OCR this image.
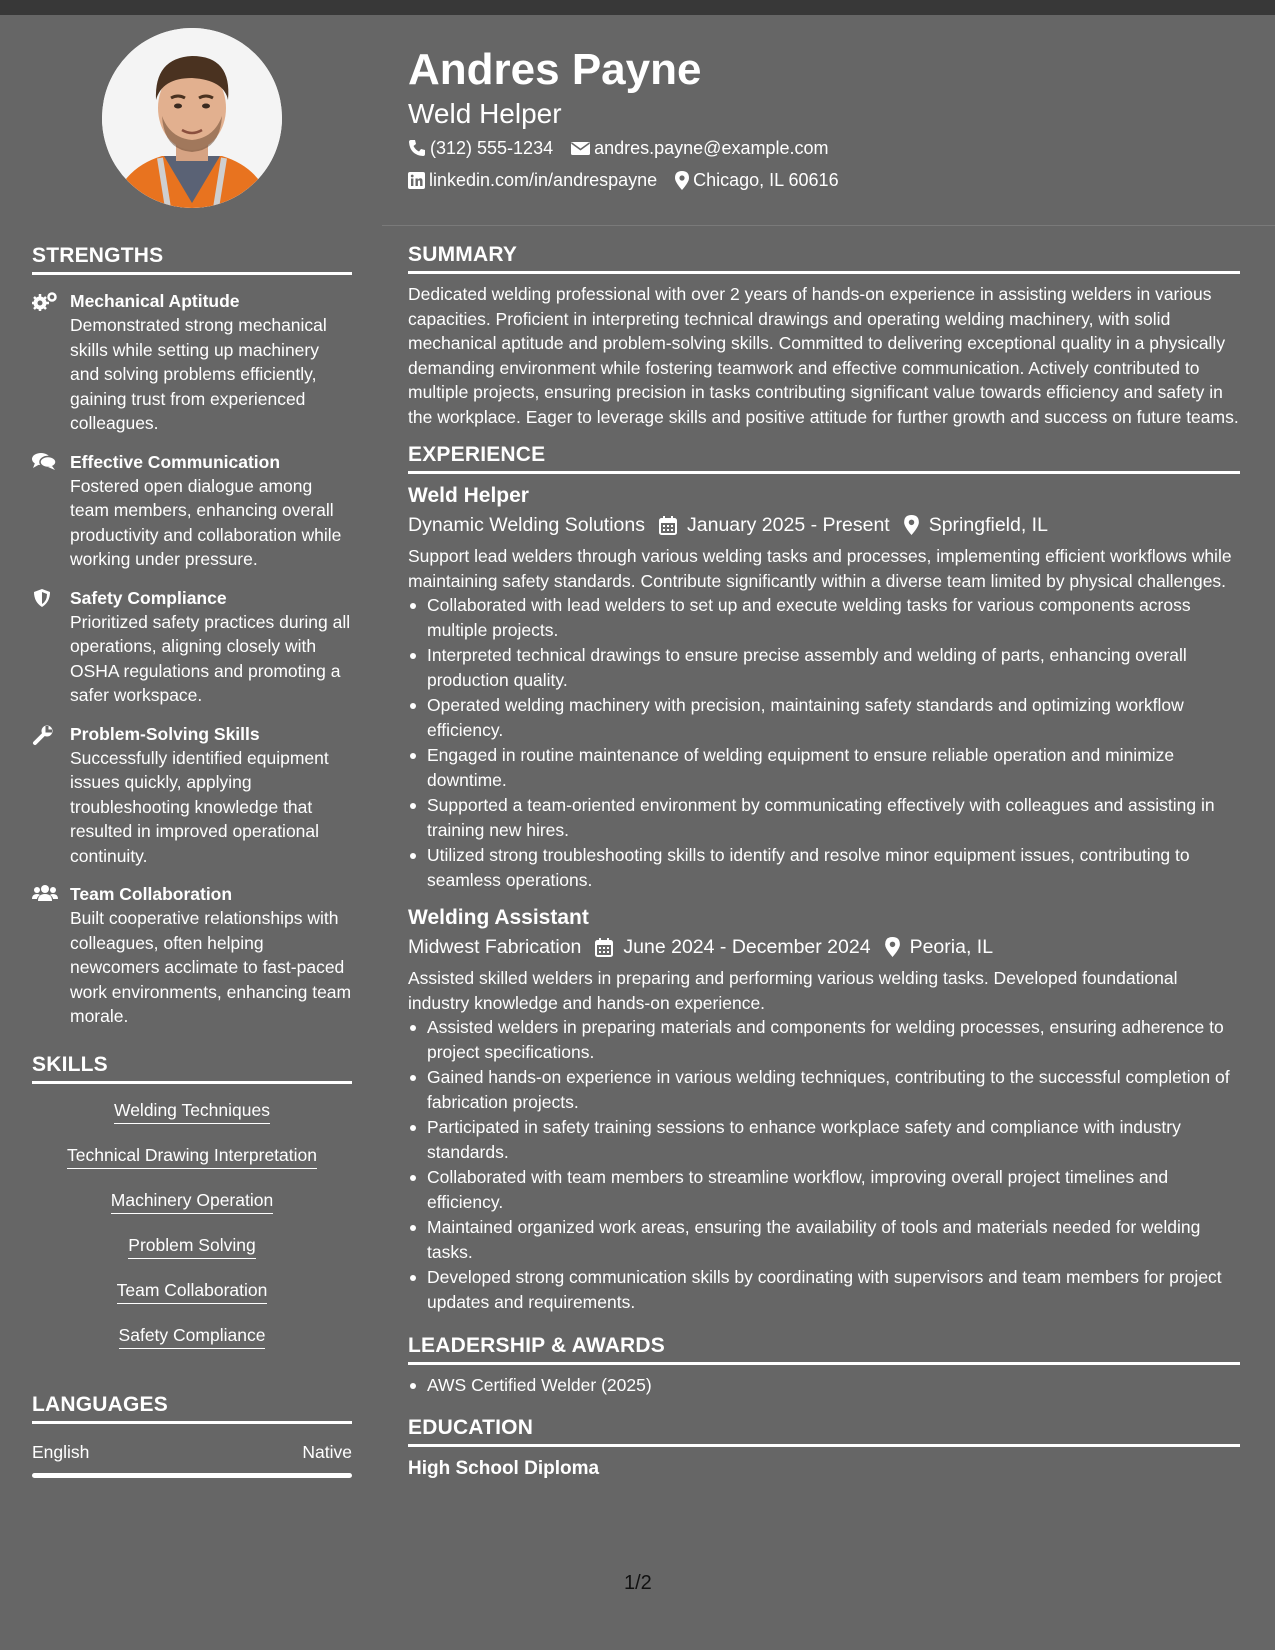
STRENGTHS
Mechanical Aptitude
Demonstrated strong mechanical skills while setting up machinery and solving problems efficiently, gaining trust from experienced colleagues.
Effective Communication
Fostered open dialogue among team members, enhancing overall productivity and collaboration while working under pressure.
Safety Compliance
Prioritized safety practices during all operations, aligning closely with OSHA regulations and promoting a safer workspace.
Problem-Solving Skills
Successfully identified equipment issues quickly, applying troubleshooting knowledge that resulted in improved operational continuity.
Team Collaboration
Built cooperative relationships with colleagues, often helping newcomers acclimate to fast-paced work environments, enhancing team morale.
SKILLS
Welding Techniques
Technical Drawing Interpretation
Machinery Operation
Problem Solving
Team Collaboration
Safety Compliance
LANGUAGES
English	Native
Andres Payne
Weld Helper
(312) 555-1234 andres.payne@example.com
linkedin.com/in/andrespayne Chicago, IL 60616
SUMMARY

Dedicated welding professional with over 2 years of hands-on experience in assisting welders in various capacities. Proficient in interpreting technical drawings and operating welding machinery, with solid mechanical aptitude and problem-solving skills. Committed to delivering exceptional quality in a physically demanding environment while fostering teamwork and effective communication. Actively contributed to multiple projects, ensuring precision in tasks contributing significant value towards efficiency and safety in the workplace. Eager to leverage skills and positive attitude for further growth and success on future teams.

EXPERIENCE
Weld Helper
Dynamic Welding Solutions January 2025 - Present Springfield, IL

Support lead welders through various welding tasks and processes, implementing efficient workflows while maintaining safety standards. Contribute significantly within a diverse team limited by physical challenges.

Collaborated with lead welders to set up and execute welding tasks for various components across multiple projects.
Interpreted technical drawings to ensure precise assembly and welding of parts, enhancing overall production quality.
Operated welding machinery with precision, maintaining safety standards and optimizing workflow efficiency.
Engaged in routine maintenance of welding equipment to ensure reliable operation and minimize downtime.
Supported a team-oriented environment by communicating effectively with colleagues and assisting in training new hires.
Utilized strong troubleshooting skills to identify and resolve minor equipment issues, contributing to seamless operations.
Welding Assistant
Midwest Fabrication June 2024 - December 2024 Peoria, IL

Assisted skilled welders in preparing and performing various welding tasks. Developed foundational industry knowledge and hands-on experience.

Assisted welders in preparing materials and components for welding processes, ensuring adherence to project specifications.
Gained hands-on experience in various welding techniques, contributing to the successful completion of fabrication projects.
Participated in safety training sessions to enhance workplace safety and compliance with industry standards.
Collaborated with team members to streamline workflow, improving overall project timelines and efficiency.
Maintained organized work areas, ensuring the availability of tools and materials needed for welding tasks.
Developed strong communication skills by coordinating with supervisors and team members for project updates and requirements.
LEADERSHIP & AWARDS
AWS Certified Welder (2025)
EDUCATION
High School Diploma
1/2
